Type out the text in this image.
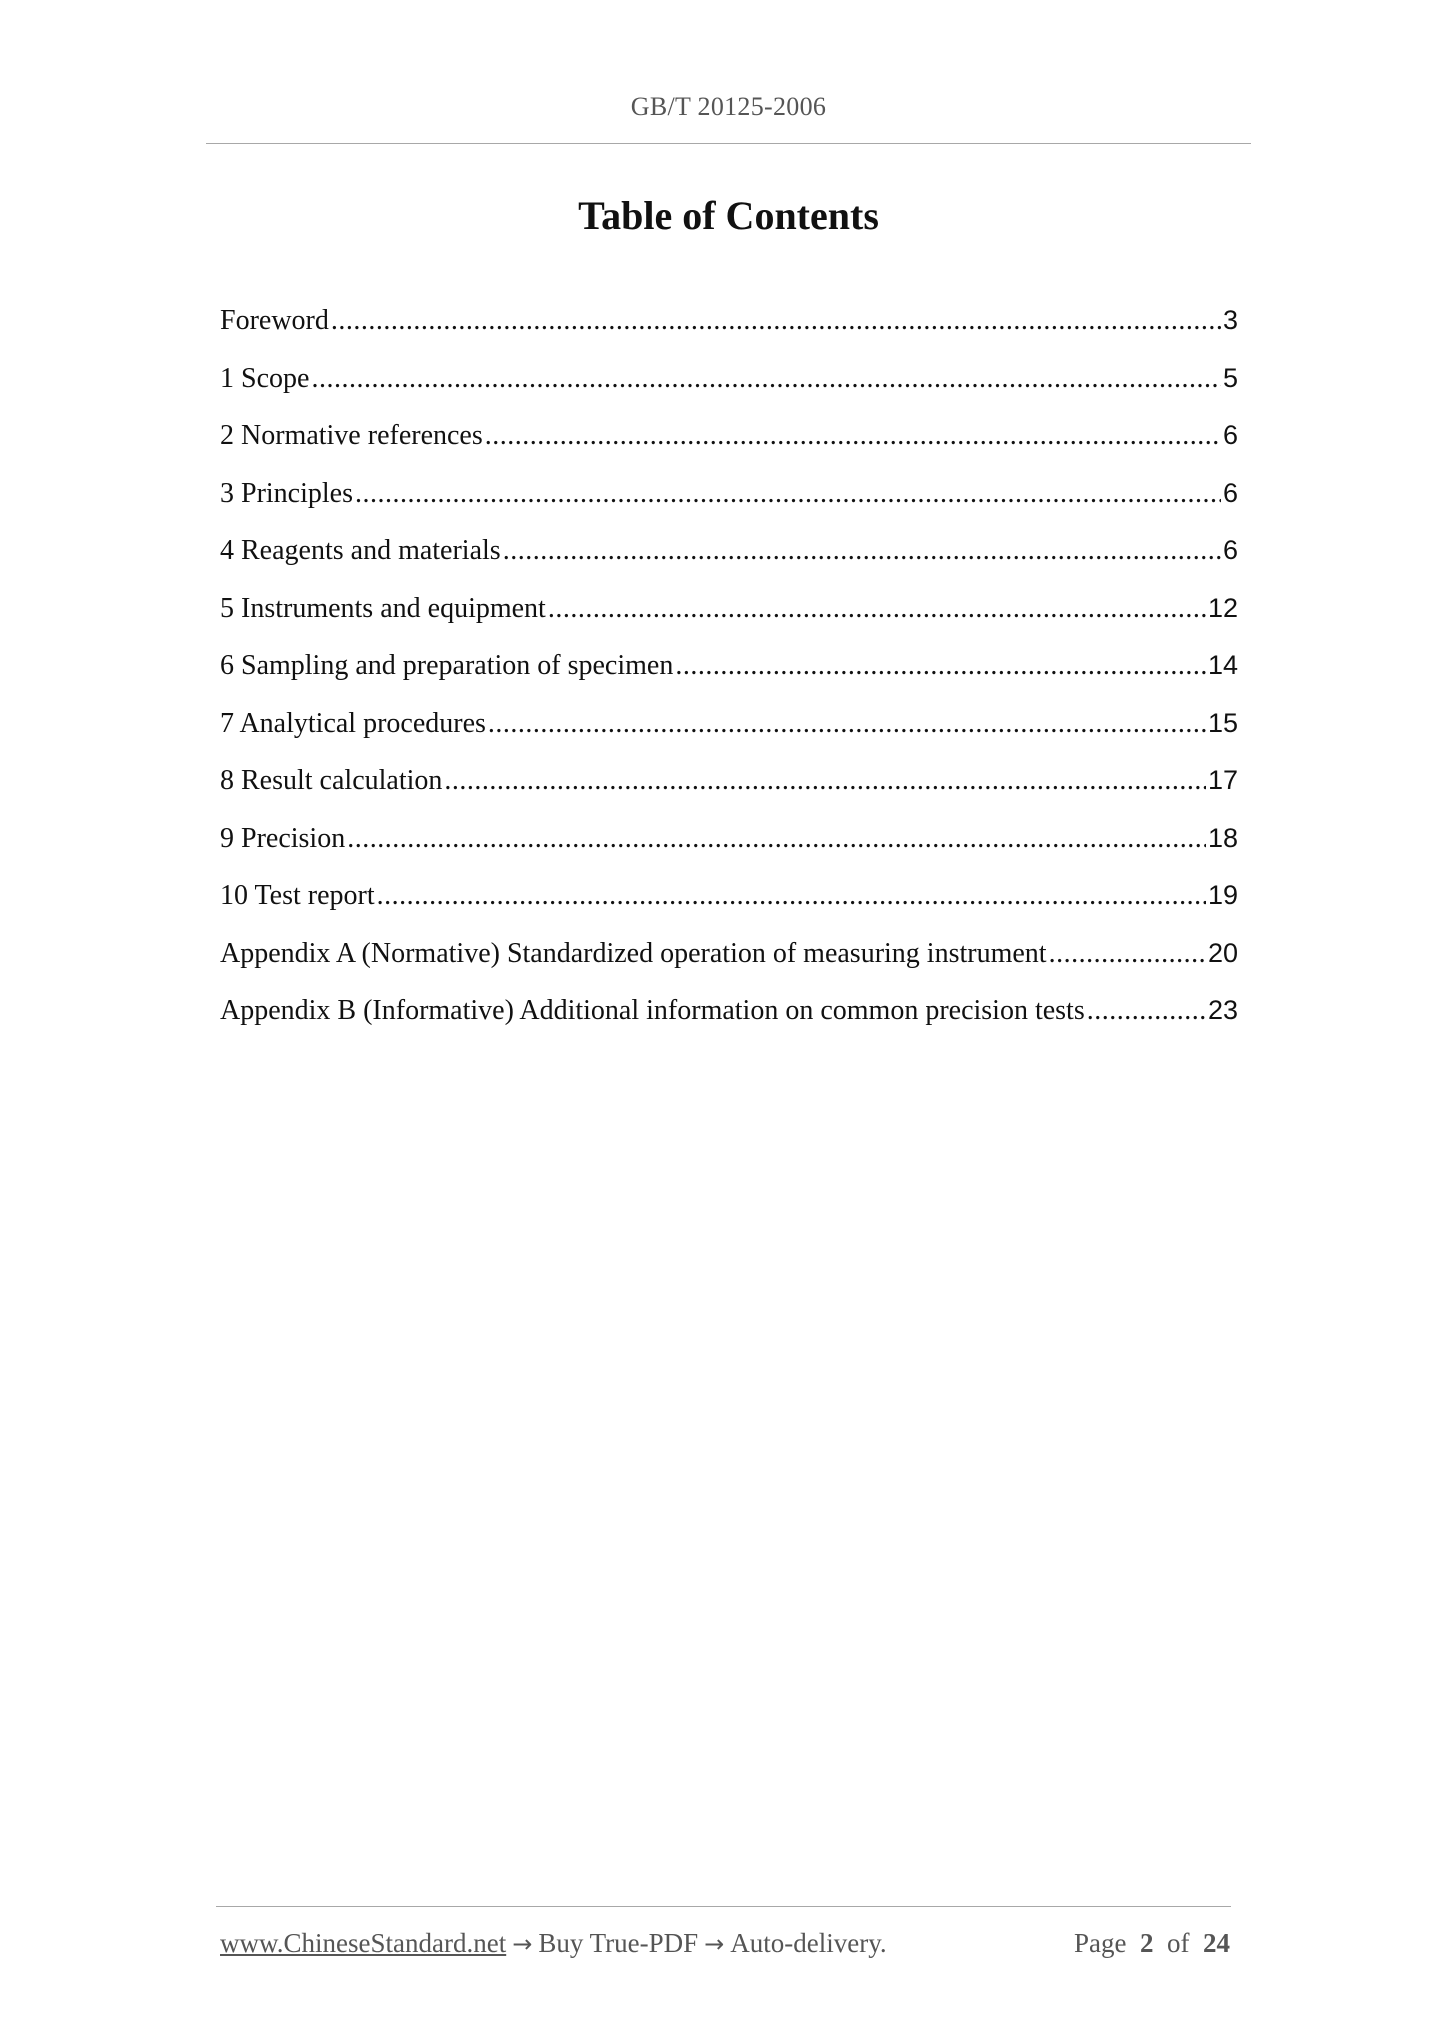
GB/T 20125-2006
Table of Contents
Foreword .....	3
1 Scope .....	5
2 Normative references .....	6
3 Principles .....	6
4 Reagents and materials .....	6
5 Instruments and equipment .....	12
6 Sampling and preparation of specimen .....	14
7 Analytical procedures .....	15
8 Result calculation .....	17
9 Precision .....	18
10 Test report .....	19
Appendix A (Normative) Standardized operation of measuring instrument .....	20
Appendix B (Informative) Additional information on common precision tests .....	23
www.ChineseStandard.net → Buy True-PDF → Auto-delivery.	Page 2 of 24
